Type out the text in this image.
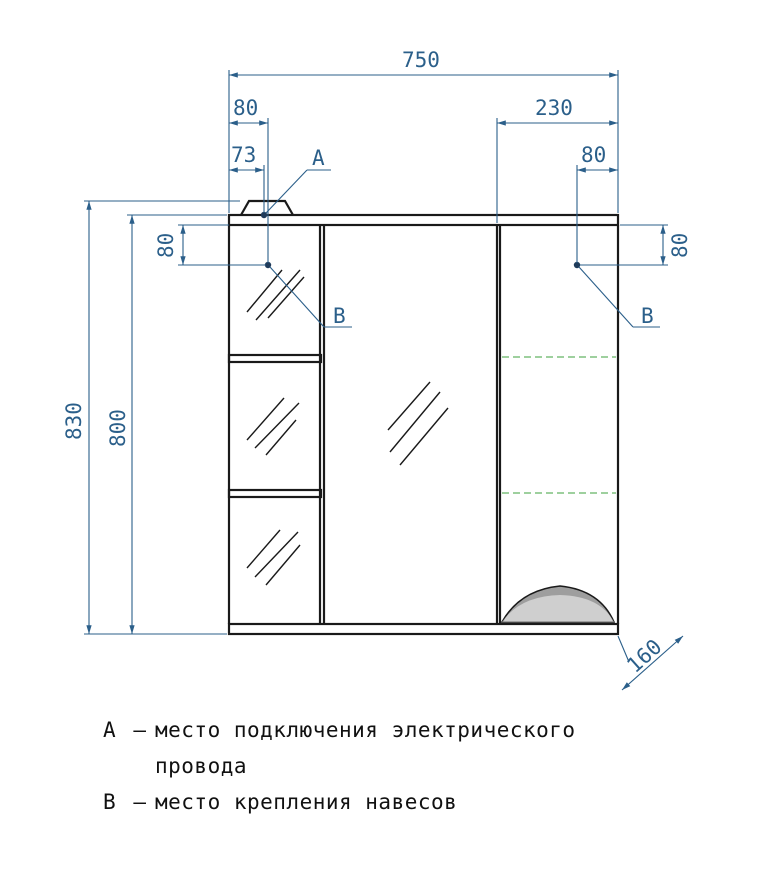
750
80
73
230
80
80	80
830 800
160
A
B	B
A – место подключения электрического провода
B – место крепления навесов
